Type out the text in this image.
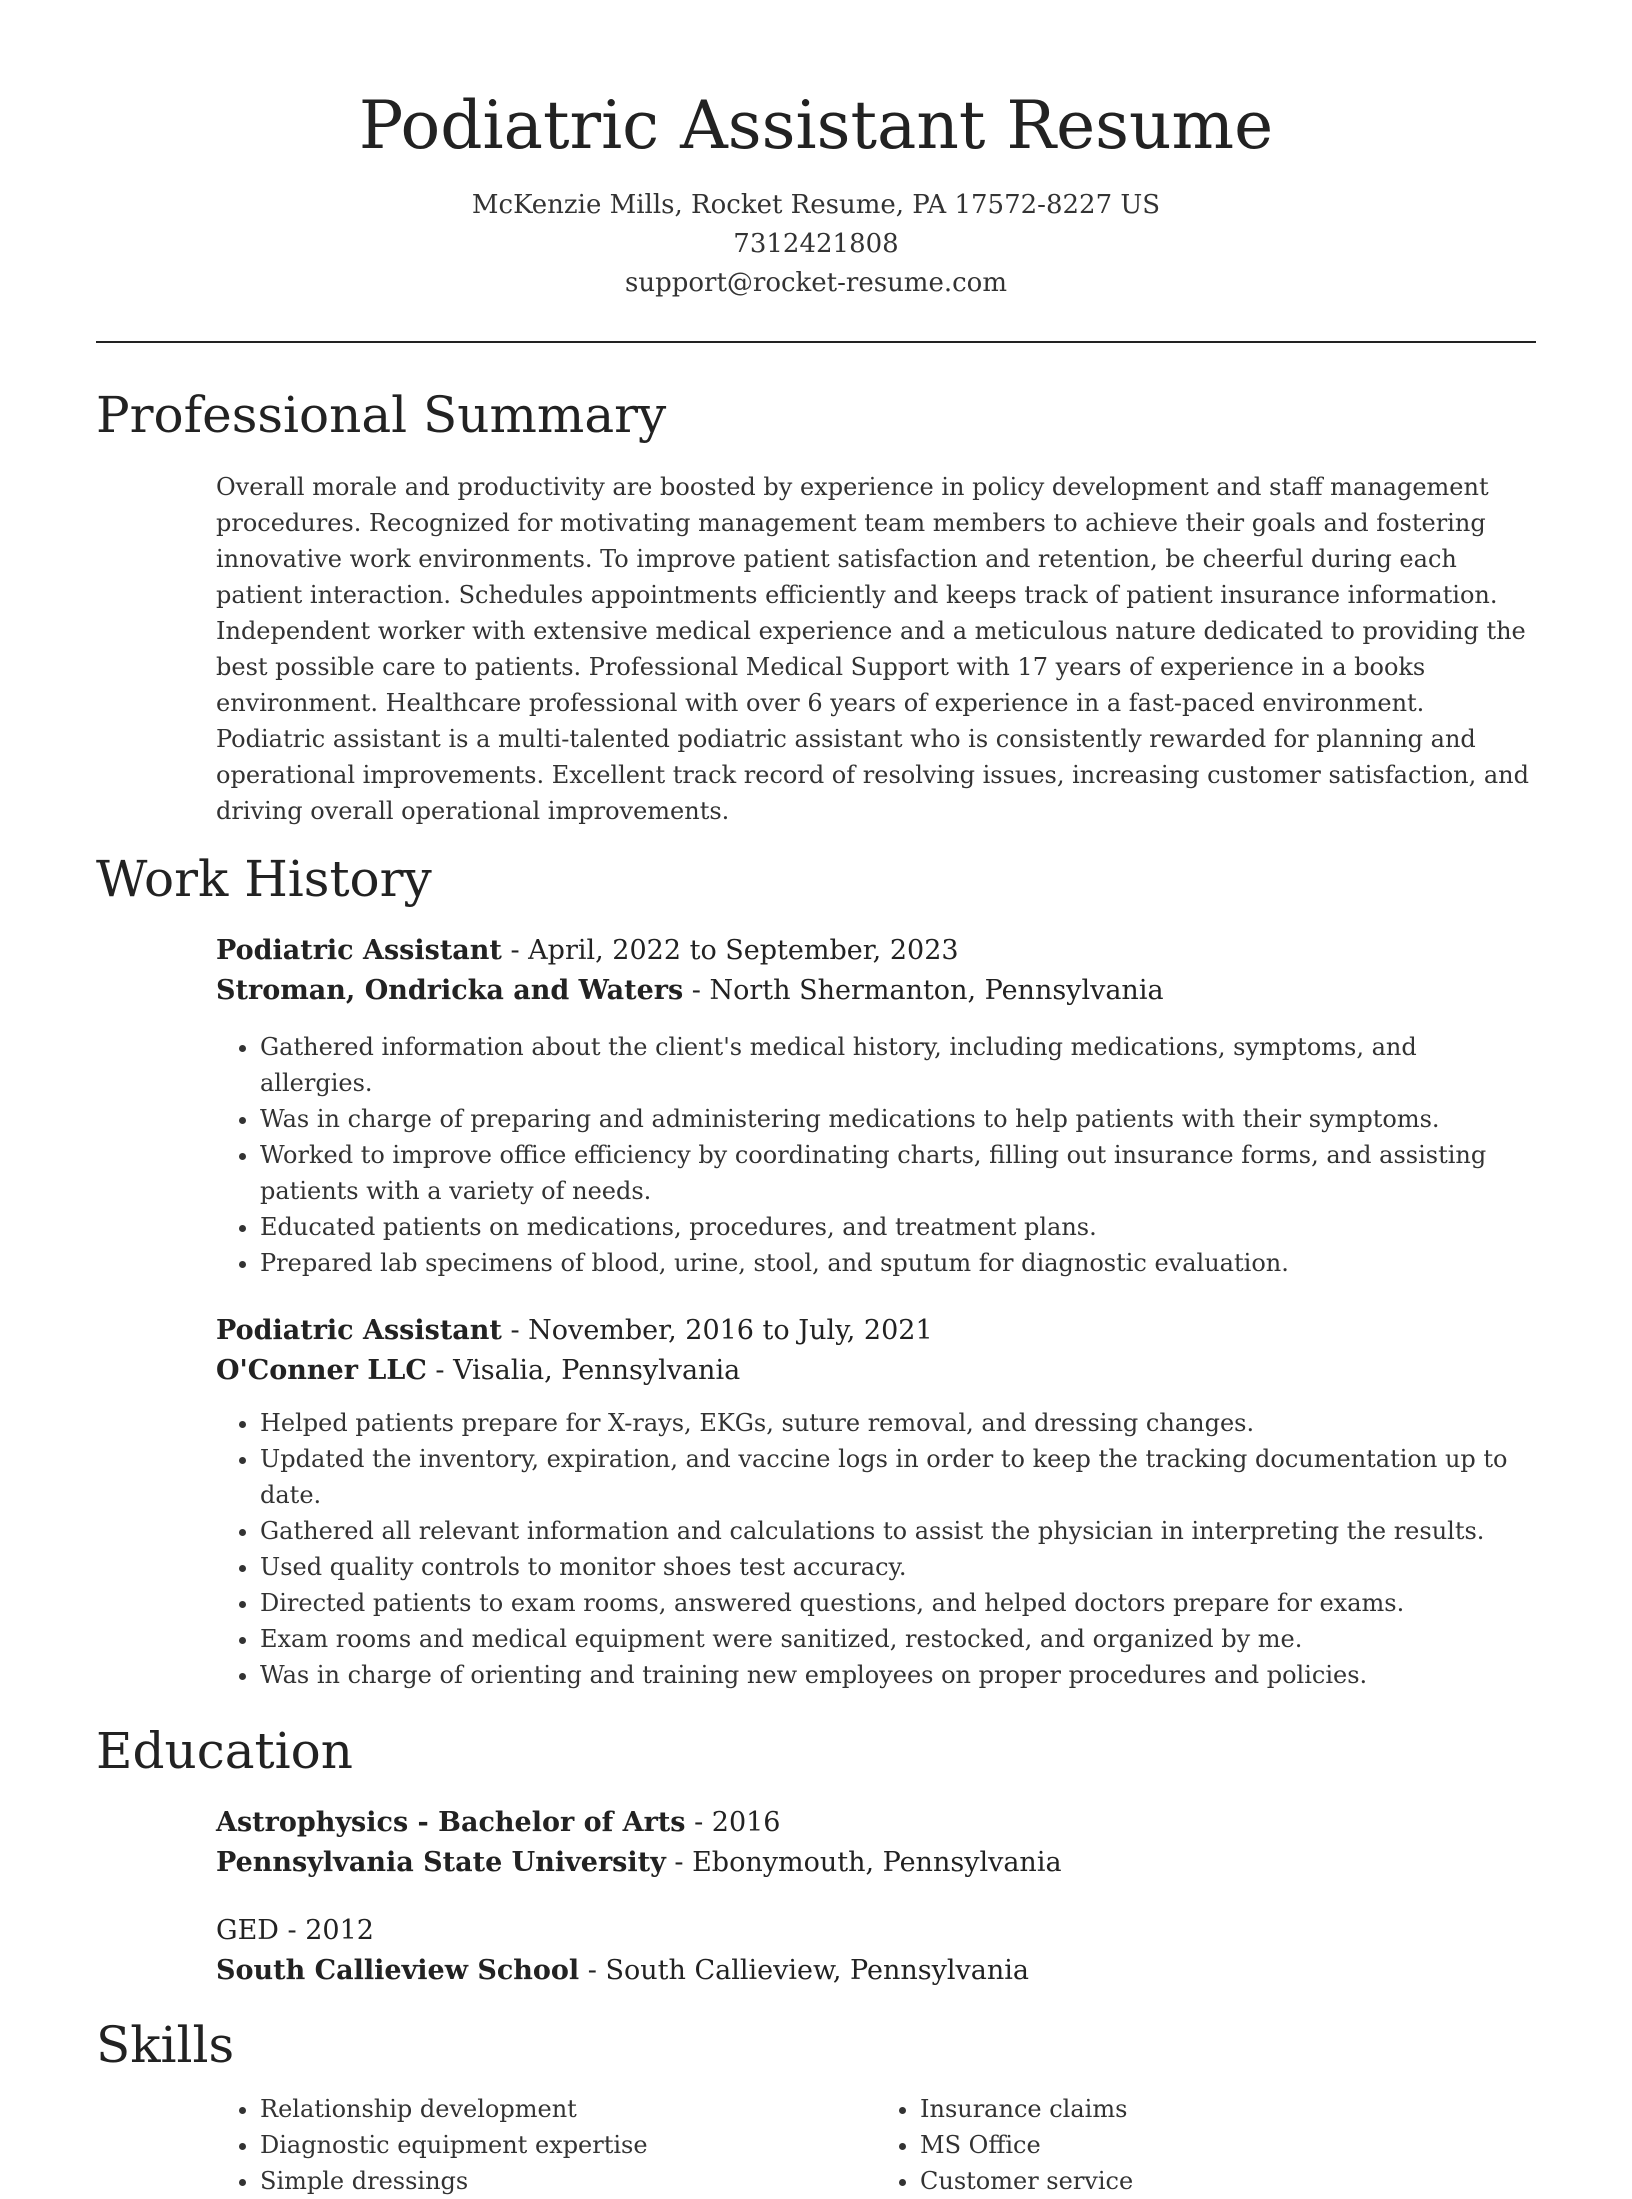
Podiatric Assistant Resume
McKenzie Mills, Rocket Resume, PA 17572-8227 US
7312421808
support@rocket-resume.com
Professional Summary

Overall morale and productivity are boosted by experience in policy development and staff management procedures. Recognized for motivating management team members to achieve their goals and fostering innovative work environments. To improve patient satisfaction and retention, be cheerful during each patient interaction. Schedules appointments efficiently and keeps track of patient insurance information. Independent worker with extensive medical experience and a meticulous nature dedicated to providing the best possible care to patients. Professional Medical Support with 17 years of experience in a books environment. Healthcare professional with over 6 years of experience in a fast-paced environment. Podiatric assistant is a multi-talented podiatric assistant who is consistently rewarded for planning and operational improvements. Excellent track record of resolving issues, increasing customer satisfaction, and driving overall operational improvements.

Work History
Podiatric Assistant - April, 2022 to September, 2023
Stroman, Ondricka and Waters - North Shermanton, Pennsylvania
• Gathered information about the client's medical history, including medications, symptoms, and allergies.
• Was in charge of preparing and administering medications to help patients with their symptoms.
• Worked to improve office efficiency by coordinating charts, filling out insurance forms, and assisting patients with a variety of needs.
• Educated patients on medications, procedures, and treatment plans.
• Prepared lab specimens of blood, urine, stool, and sputum for diagnostic evaluation.
Podiatric Assistant - November, 2016 to July, 2021
O'Conner LLC - Visalia, Pennsylvania
• Helped patients prepare for X-rays, EKGs, suture removal, and dressing changes.
• Updated the inventory, expiration, and vaccine logs in order to keep the tracking documentation up to date.
• Gathered all relevant information and calculations to assist the physician in interpreting the results.
• Used quality controls to monitor shoes test accuracy.
• Directed patients to exam rooms, answered questions, and helped doctors prepare for exams.
• Exam rooms and medical equipment were sanitized, restocked, and organized by me.
• Was in charge of orienting and training new employees on proper procedures and policies.
Education
Astrophysics - Bachelor of Arts - 2016
Pennsylvania State University - Ebonymouth, Pennsylvania
GED - 2012
South Callieview School - South Callieview, Pennsylvania
Skills
• Relationship development
• Diagnostic equipment expertise
• Simple dressings
• Insurance claims
• MS Office
• Customer service
